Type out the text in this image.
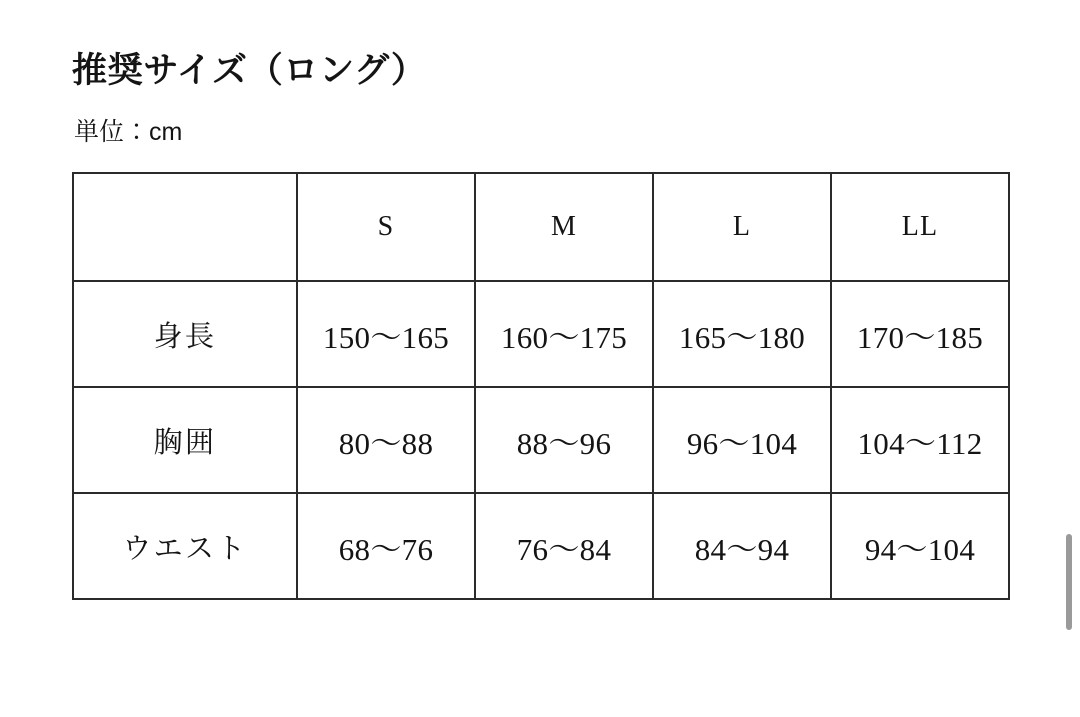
推奨サイズ（ロング）
単位：cm
	S	M	L	LL
身長	150〜165	160〜175	165〜180	170〜185
胸囲	80〜88	88〜96	96〜104	104〜112
ウエスト	68〜76	76〜84	84〜94	94〜104
